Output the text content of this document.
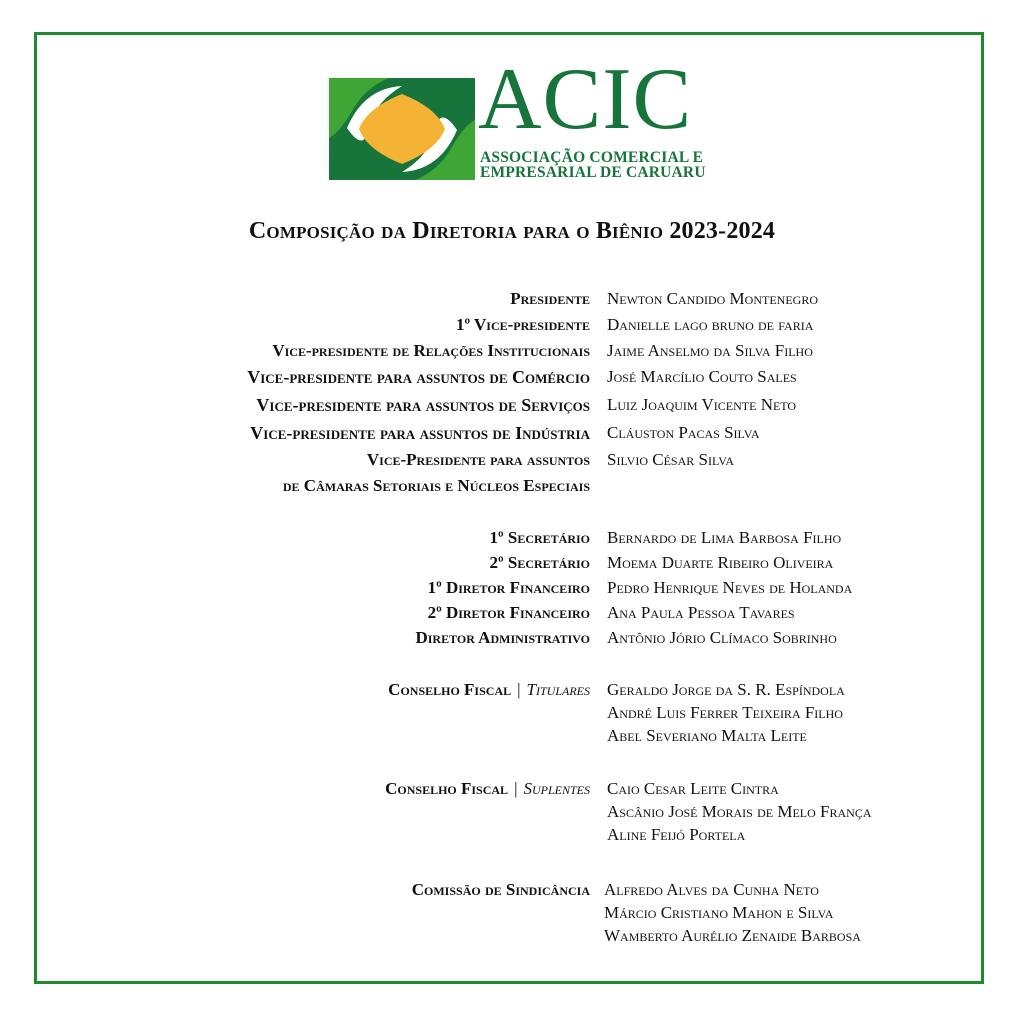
ACIC
ASSOCIAÇÃO COMERCIAL E
EMPRESARIAL DE CARUARU
Composição da Diretoria para o Biênio 2023-2024
Presidente Newton Candido Montenegro
1º Vice-presidente Danielle lago bruno de faria
Vice-presidente de Relações Institucionais Jaime Anselmo da Silva Filho
Vice-presidente para assuntos de Comércio José Marcílio Couto Sales
Vice-presidente para assuntos de Serviços Luiz Joaquim Vicente Neto
Vice-presidente para assuntos de Indústria Cláuston Pacas Silva
Vice-Presidente para assuntos Silvio César Silva
de Câmaras Setoriais e Núcleos Especiais
1º Secretário Bernardo de Lima Barbosa Filho
2º Secretário Moema Duarte Ribeiro Oliveira
1º Diretor Financeiro Pedro Henrique Neves de Holanda
2º Diretor Financeiro Ana Paula Pessoa Tavares
Diretor Administrativo Antônio Jório Clímaco Sobrinho
Conselho Fiscal | Titulares Geraldo Jorge da S. R. Espíndola
André Luis Ferrer Teixeira Filho
Abel Severiano Malta Leite
Conselho Fiscal | Suplentes Caio Cesar Leite Cintra
Ascânio José Morais de Melo França
Aline Feijó Portela
Comissão de Sindicância Alfredo Alves da Cunha Neto
Márcio Cristiano Mahon e Silva
Wamberto Aurélio Zenaide Barbosa
